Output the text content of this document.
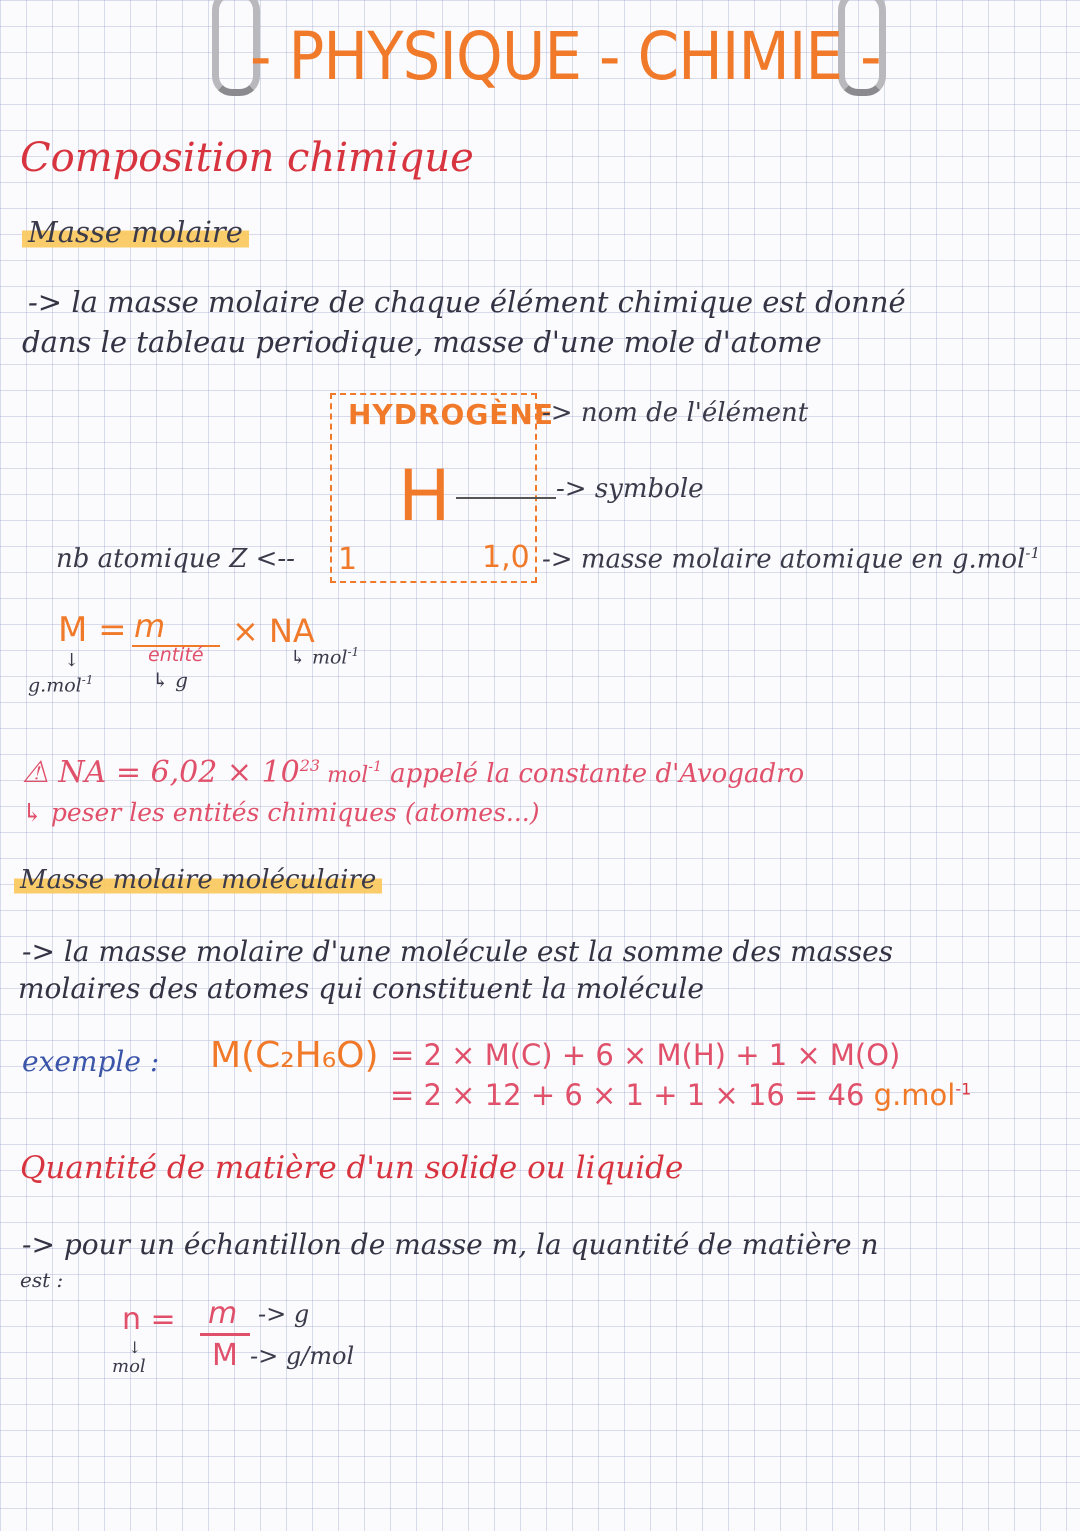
- PHYSIQUE - CHIMIE -
Composition chimique
Masse molaire
-> la masse molaire de chaque élément chimique est donné
dans le tableau periodique, masse d'une mole d'atome
HYDROGÈNE
H
1	1,0
-> nom de l'élément
-> symbole
-> masse molaire atomique en g.mol$^{-1}$
nb atomique Z <--
M = m
entité
× NA
↓
g.mol$^{-1}$	↳ g
↳ mol$^{-1}$
⚠ NA = $6,02 \times 10^{23}$ mol$^{-1}$ appelé la constante d'Avogadro
↳ peser les entités chimiques (atomes...)
Masse molaire moléculaire
-> la masse molaire d'une molécule est la somme des masses
molaires des atomes qui constituent la molécule
exemple : M(C₂H₆O) = 2 × M(C) + 6 × M(H) + 1 × M(O)
= 2 × 12 + 6 × 1 + 1 × 16 = 46 g.mol$^{-1}$
Quantité de matière d'un solide ou liquide
-> pour un échantillon de masse m, la quantité de matière n
est :
n = m
M
-> g
-> g/mol
↓
mol
